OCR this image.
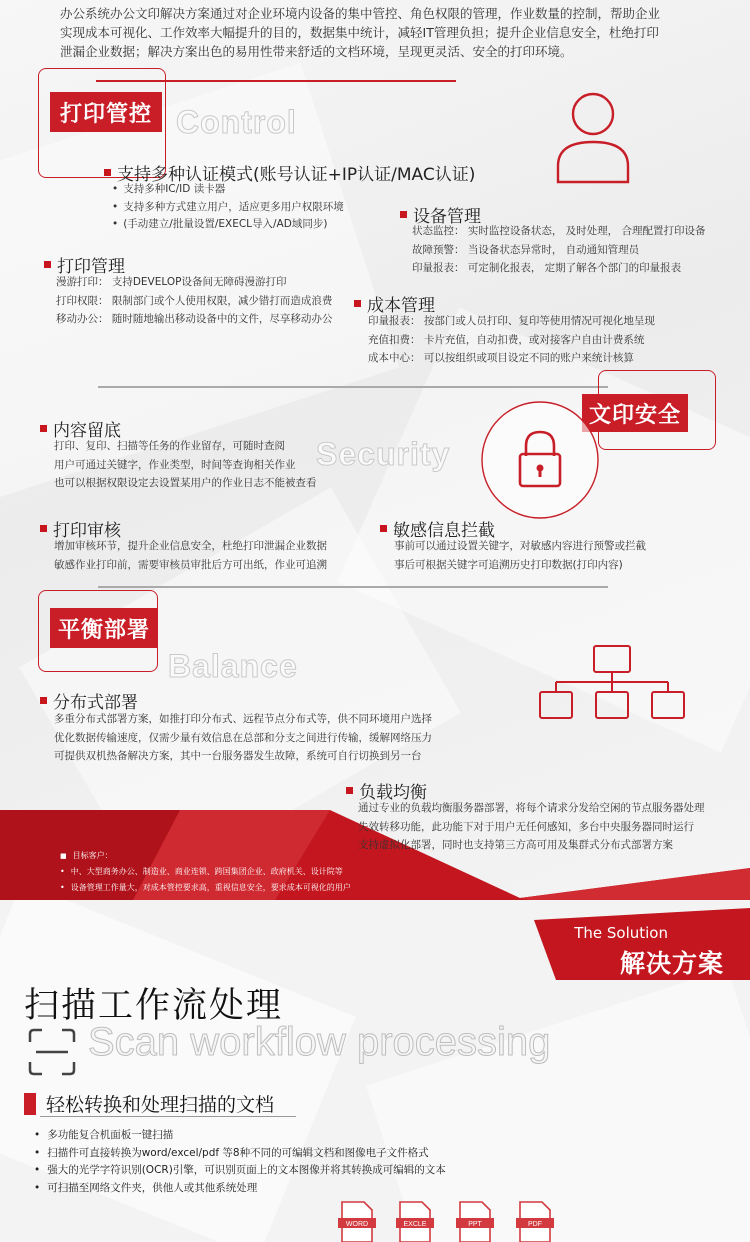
办公系统办公文印解决方案通过对企业环境内设备的集中管控、角色权限的管理，作业数量的控制，帮助企业
实现成本可视化、工作效率大幅提升的目的，数据集中统计，减轻IT管理负担；提升企业信息安全，杜绝打印
泄漏企业数据；解决方案出色的易用性带来舒适的文档环境，呈现更灵活、安全的打印环境。
打印管控 Control
支持多种认证模式(账号认证+IP认证/MAC认证)
• 支持多种IC/ID 读卡器
• 支持多种方式建立用户，适应更多用户权限环境
• (手动建立/批量设置/EXECL导入/AD域同步)	设备管理
状态监控： 实时监控设备状态， 及时处理， 合理配置打印设备
故障预警： 当设备状态异常时， 自动通知管理员
印量报表： 可定制化报表， 定期了解各个部门的印量报表
打印管理
漫游打印： 支持DEVELOP设备间无障碍漫游打印
打印权限： 限制部门或个人使用权限，减少错打而造成浪费
移动办公： 随时随地输出移动设备中的文件，尽享移动办公
成本管理
印量报表： 按部门或人员打印、复印等使用情况可视化地呈现
充值扣费： 卡片充值，自动扣费，或对接客户自由计费系统
成本中心： 可以按组织或项目设定不同的账户来统计核算
文印安全
Security
内容留底
打印、复印、扫描等任务的作业留存，可随时查阅
用户可通过关键字，作业类型，时间等查询相关作业
也可以根据权限设定去设置某用户的作业日志不能被查看
打印审核
增加审核环节，提升企业信息安全，杜绝打印泄漏企业数据
敏感作业打印前，需要审核员审批后方可出纸，作业可追溯
敏感信息拦截
事前可以通过设置关键字，对敏感内容进行预警或拦截
事后可根据关键字可追溯历史打印数据(打印内容)
平衡部署
Balance
分布式部署
多重分布式部署方案，如推打印分布式、远程节点分布式等，供不同环境用户选择
优化数据传输速度，仅需少量有效信息在总部和分支之间进行传输，缓解网络压力
可提供双机热备解决方案，其中一台服务器发生故障，系统可自行切换到另一台
负载均衡
通过专业的负载均衡服务器部署，将每个请求分发给空闲的节点服务器处理
失效转移功能，此功能下对于用户无任何感知，多台中央服务器同时运行
支持虚拟化部署，同时也支持第三方高可用及集群式分布式部署方案
■ 目标客户：
• 中、大型商务办公、制造业、商业连锁、跨国集团企业、政府机关、设计院等
• 设备管理工作量大，对成本管控要求高，重视信息安全，要求成本可视化的用户
The Solution
解决方案
扫描工作流处理
Scan workflow processing
轻松转换和处理扫描的文档
• 多功能复合机面板一键扫描
• 扫描件可直接转换为word/excel/pdf 等8种不同的可编辑文档和图像电子文件格式
• 强大的光学字符识别(OCR)引擎，可识别页面上的文本图像并将其转换成可编辑的文本
• 可扫描至网络文件夹，供他人或其他系统处理
WORD	EXCLE	PPT	PDF
